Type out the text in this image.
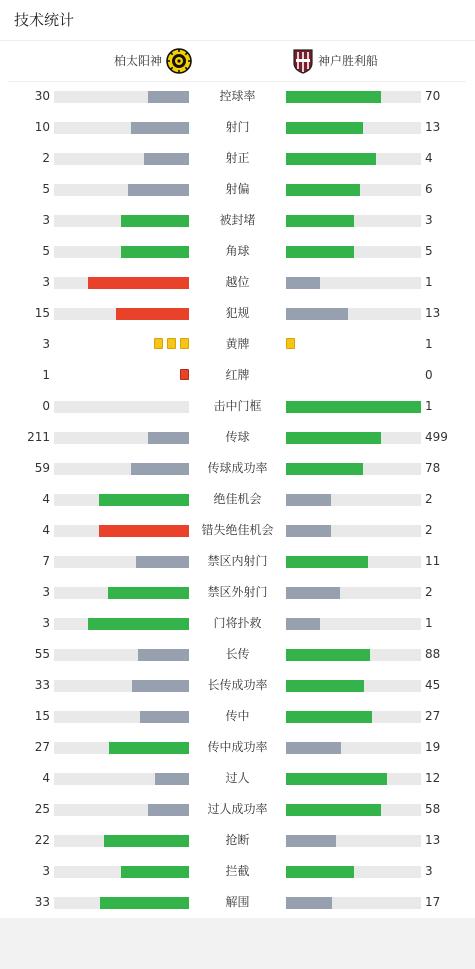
技术统计
柏太阳神	神户胜利船
30	控球率	70
10	射门	13
2	射正	4
5	射偏	6
3	被封堵	3
5	角球	5
3	越位	1
15	犯规	13
3	黄牌	1
1	红牌	0
0	击中门框	1
211	传球	499
59	传球成功率	78
4	绝佳机会	2
4	错失绝佳机会	2
7	禁区内射门	11
3	禁区外射门	2
3	门将扑救	1
55	长传	88
33	长传成功率	45
15	传中	27
27	传中成功率	19
4	过人	12
25	过人成功率	58
22	抢断	13
3	拦截	3
33	解围	17
